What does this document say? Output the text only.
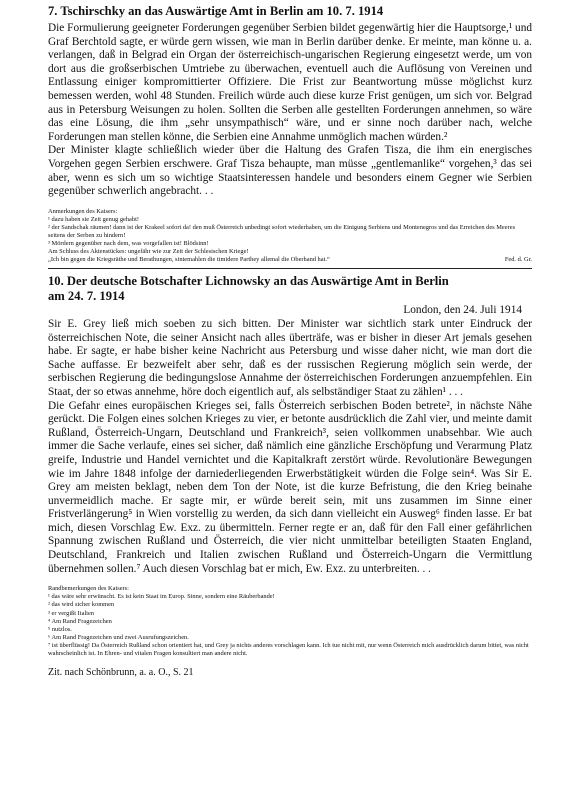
7. Tschirschky an das Auswärtige Amt in Berlin am 10. 7. 1914

Die Formulierung geeigneter Forderungen gegenüber Serbien bildet gegenwärtig hier die Hauptsorge,¹ und Graf Berchtold sagte, er würde gern wissen, wie man in Berlin darüber denke. Er meinte, man könne u. a. verlangen, daß in Belgrad ein Organ der österreichisch-ungarischen Regierung eingesetzt werde, um von dort aus die großserbischen Umtriebe zu überwachen, eventuell auch die Auflösung von Vereinen und Entlassung einiger kompromittierter Offiziere. Die Frist zur Beantwortung müsse möglichst kurz bemessen werden, wohl 48 Stunden. Freilich würde auch diese kurze Frist genügen, um sich vor. Belgrad aus in Petersburg Weisungen zu holen. Sollten die Serben alle gestellten Forderungen annehmen, so wäre das eine Lösung, die ihm „sehr unsympathisch“ wäre, und er sinne noch darüber nach, welche Forderungen man stellen könne, die Serbien eine Annahme unmöglich machen würden.²

Der Minister klagte schließlich wieder über die Haltung des Grafen Tisza, die ihm ein energisches Vorgehen gegen Serbien erschwere. Graf Tisza behaupte, man müsse „gentlemanlike“ vorgehen,³ das sei aber, wenn es sich um so wichtige Staatsinteressen handele und besonders einem Gegner wie Serbien gegenüber schwerlich angebracht. . .

Anmerkungen des Kaisers:
¹ dazu haben sie Zeit genug gehabt!
² der Sandschak räumen! dann ist der Krakeel sofort da! den muß Österreich unbedingt sofort wiederhaben, um die Einigung Serbiens und Montenegros und das Erreichen des Meeres seitens der Serben zu hindern!
³ Mördern gegenüber nach dem, was vorgefallen ist! Blödsinn!
Am Schluss des Aktenstückes: ungefähr wie zur Zeit der Schlesischen Kriege!
„Ich bin gegen die Kriegsräthe und Berathungen, sintemahlen die timidere Parthey allemal die Oberhand hat.“	Fed. d. Gr.
10. Der deutsche Botschafter Lichnowsky an das Auswärtige Amt in Berlin
am 24. 7. 1914
London, den 24. Juli 1914

Sir E. Grey ließ mich soeben zu sich bitten. Der Minister war sichtlich stark unter Eindruck der österreichischen Note, die seiner Ansicht nach alles überträfe, was er bisher in dieser Art jemals gesehen habe. Er sagte, er habe bisher keine Nachricht aus Petersburg und wisse daher nicht, wie man dort die Sache auffasse. Er bezweifelt aber sehr, daß es der russischen Regierung möglich sein werde, der serbischen Regierung die bedingungslose Annahme der österreichischen Forderungen anzuempfehlen. Ein Staat, der so etwas annehme, höre doch eigentlich auf, als selbständiger Staat zu zählen¹ . . .

Die Gefahr eines europäischen Krieges sei, falls Österreich serbischen Boden betrete², in nächste Nähe gerückt. Die Folgen eines solchen Krieges zu vier, er betonte ausdrücklich die Zahl vier, und meinte damit Rußland, Österreich-Ungarn, Deutschland und Frankreich³, seien vollkommen unabsehbar. Wie auch immer die Sache verlaufe, eines sei sicher, daß nämlich eine gänzliche Erschöpfung und Verarmung Platz greife, Industrie und Handel vernichtet und die Kapitalkraft zerstört würde. Revolutionäre Bewegungen wie im Jahre 1848 infolge der darniederliegenden Erwerbstätigkeit würden die Folge sein⁴. Was Sir E. Grey am meisten beklagt, neben dem Ton der Note, ist die kurze Befristung, die den Krieg beinahe unvermeidlich mache. Er sagte mir, er würde bereit sein, mit uns zusammen im Sinne einer Fristverlängerung⁵ in Wien vorstellig zu werden, da sich dann vielleicht ein Ausweg⁶ finden lasse. Er bat mich, diesen Vorschlag Ew. Exz. zu übermitteln. Ferner regte er an, daß für den Fall einer gefährlichen Spannung zwischen Rußland und Österreich, die vier nicht unmittelbar beteiligten Staaten England, Deutschland, Frankreich und Italien zwischen Rußland und Österreich-Ungarn die Vermittlung übernehmen sollen.⁷ Auch diesen Vorschlag bat er mich, Ew. Exz. zu unterbreiten. . .

Randbemerkungen des Kaisers:
¹ das wäre sehr erwünscht. Es ist kein Staat im Europ. Sinne, sondern eine Räuberbande!
² das wird sicher kommen
³ er vergißt Italien
⁴ Am Rand Fragezeichen
⁵ nutzlos.
⁶ Am Rand Fragezeichen und zwei Ausrufungszeichen.
⁷ ist überflüssig! Da Österreich Rußland schon orientiert hat, und Grey ja nichts anderes vorschlagen kann. Ich tue nicht mit, nur wenn Österreich mich ausdrücklich darum bittet, was nicht wahrscheinlich ist. In Ehren- und vitalen Fragen konsultiert man andere nicht.
Zit. nach Schönbrunn, a. a. O., S. 21
